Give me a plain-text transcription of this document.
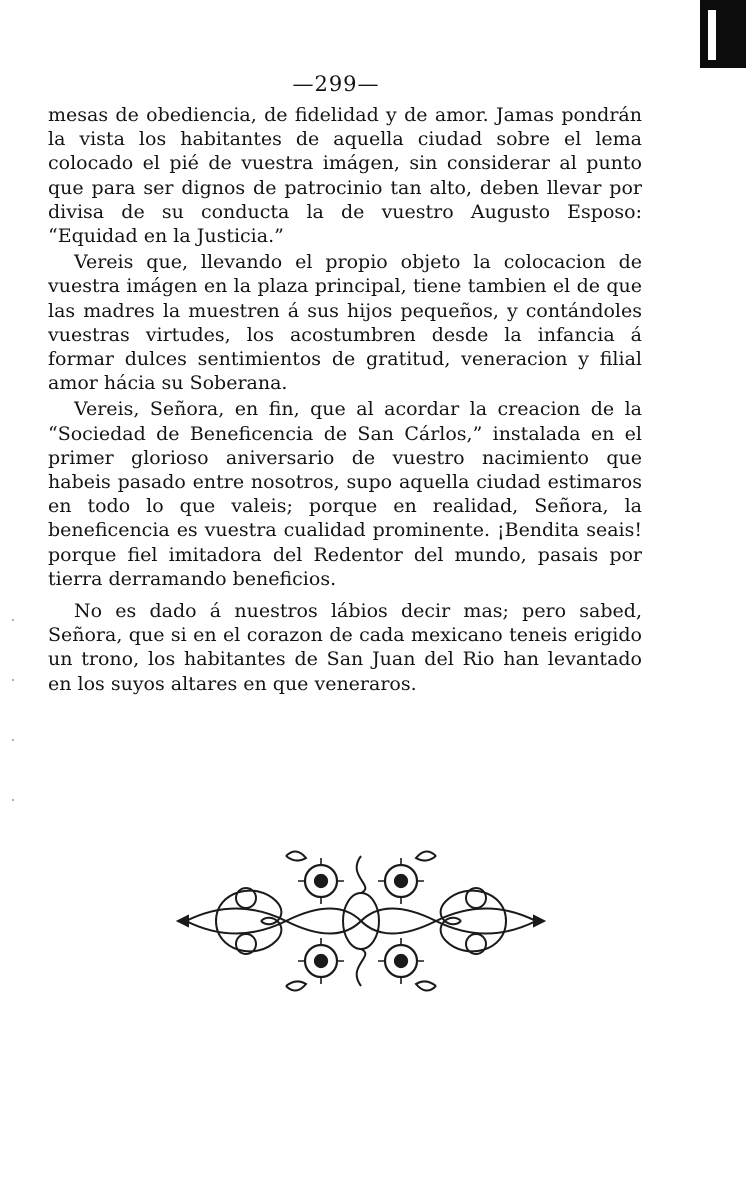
—299—

mesas de obediencia, de fidelidad y de amor. Jamas pondrán la vista los habitantes de aquella ciudad sobre el lema colocado el pié de vuestra imágen, sin considerar al punto que para ser dignos de patrocinio tan alto, deben llevar por divisa de su conducta la de vuestro Augusto Esposo: “Equidad en la Justicia.”

Vereis que, llevando el propio objeto la colocacion de vuestra imágen en la plaza principal, tiene tambien el de que las madres la muestren á sus hijos pequeños, y contándoles vuestras virtudes, los acostumbren desde la infancia á formar dulces sentimientos de gratitud, veneracion y filial amor hácia su Soberana.

Vereis, Señora, en fin, que al acordar la creacion de la “Sociedad de Beneficencia de San Cárlos,” instalada en el primer glorioso aniversario de vuestro nacimiento que habeis pasado entre nosotros, supo aquella ciudad estimaros en todo lo que valeis; porque en realidad, Señora, la beneficencia es vuestra cualidad prominente. ¡Bendita seais! porque fiel imitadora del Redentor del mundo, pasais por tierra derramando beneficios.

No es dado á nuestros lábios decir mas; pero sabed, Señora, que si en el corazon de cada mexicano teneis erigido un trono, los habitantes de San Juan del Rio han levantado en los suyos altares en que veneraros.
